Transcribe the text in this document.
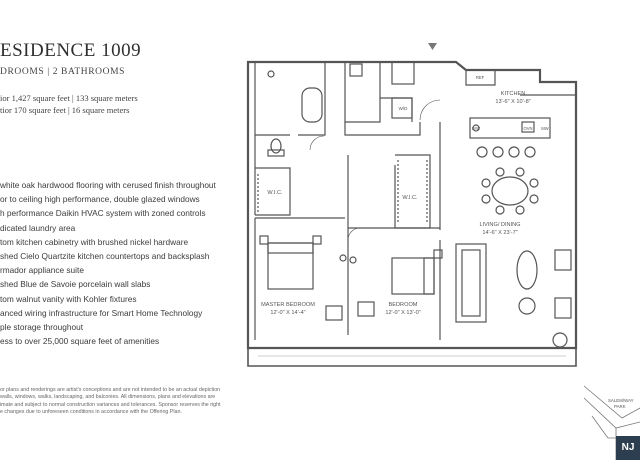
ESIDENCE 1009
DROOMS | 2 BATHROOMS
ior 1,427 square feet | 133 square meters
tior 170 square feet | 16 square meters
white oak hardwood flooring with cerused finish throughout
or to ceiling high performance, double glazed windows
h performance Daikin HVAC system with zoned controls
dicated laundry area
tom kitchen cabinetry with brushed nickel hardware
shed Cielo Quartzite kitchen countertops and backsplash
rmador appliance suite
shed Blue de Savoie porcelain wall slabs
tom walnut vanity with Kohler fixtures
anced wiring infrastructure for Smart Home Technology
ple storage throughout
ess to over 25,000 square feet of amenities
or plans and renderings are artist's conceptions and are not intended to be an actual depiction
walls, windows, walks, landscaping, and balconies. All dimensions, plans and elevations are
imate and subject to normal construction variances and tolerances. Sponsor reserves the right
e changes due to unforeseen conditions in accordance with the Offering Plan.
KITCHEN
13'-6" X 10'-8"
LIVING/ DINING
14'-6" X 23'-7"
W.I.C.
W.I.C.
MASTER BEDROOM
12'-0" X 14'-4"
BEDROOM
12'-0" X 13'-0"
W/D
D/W
REF
OVN MW
SALEM/WAY
PARK
NJ
